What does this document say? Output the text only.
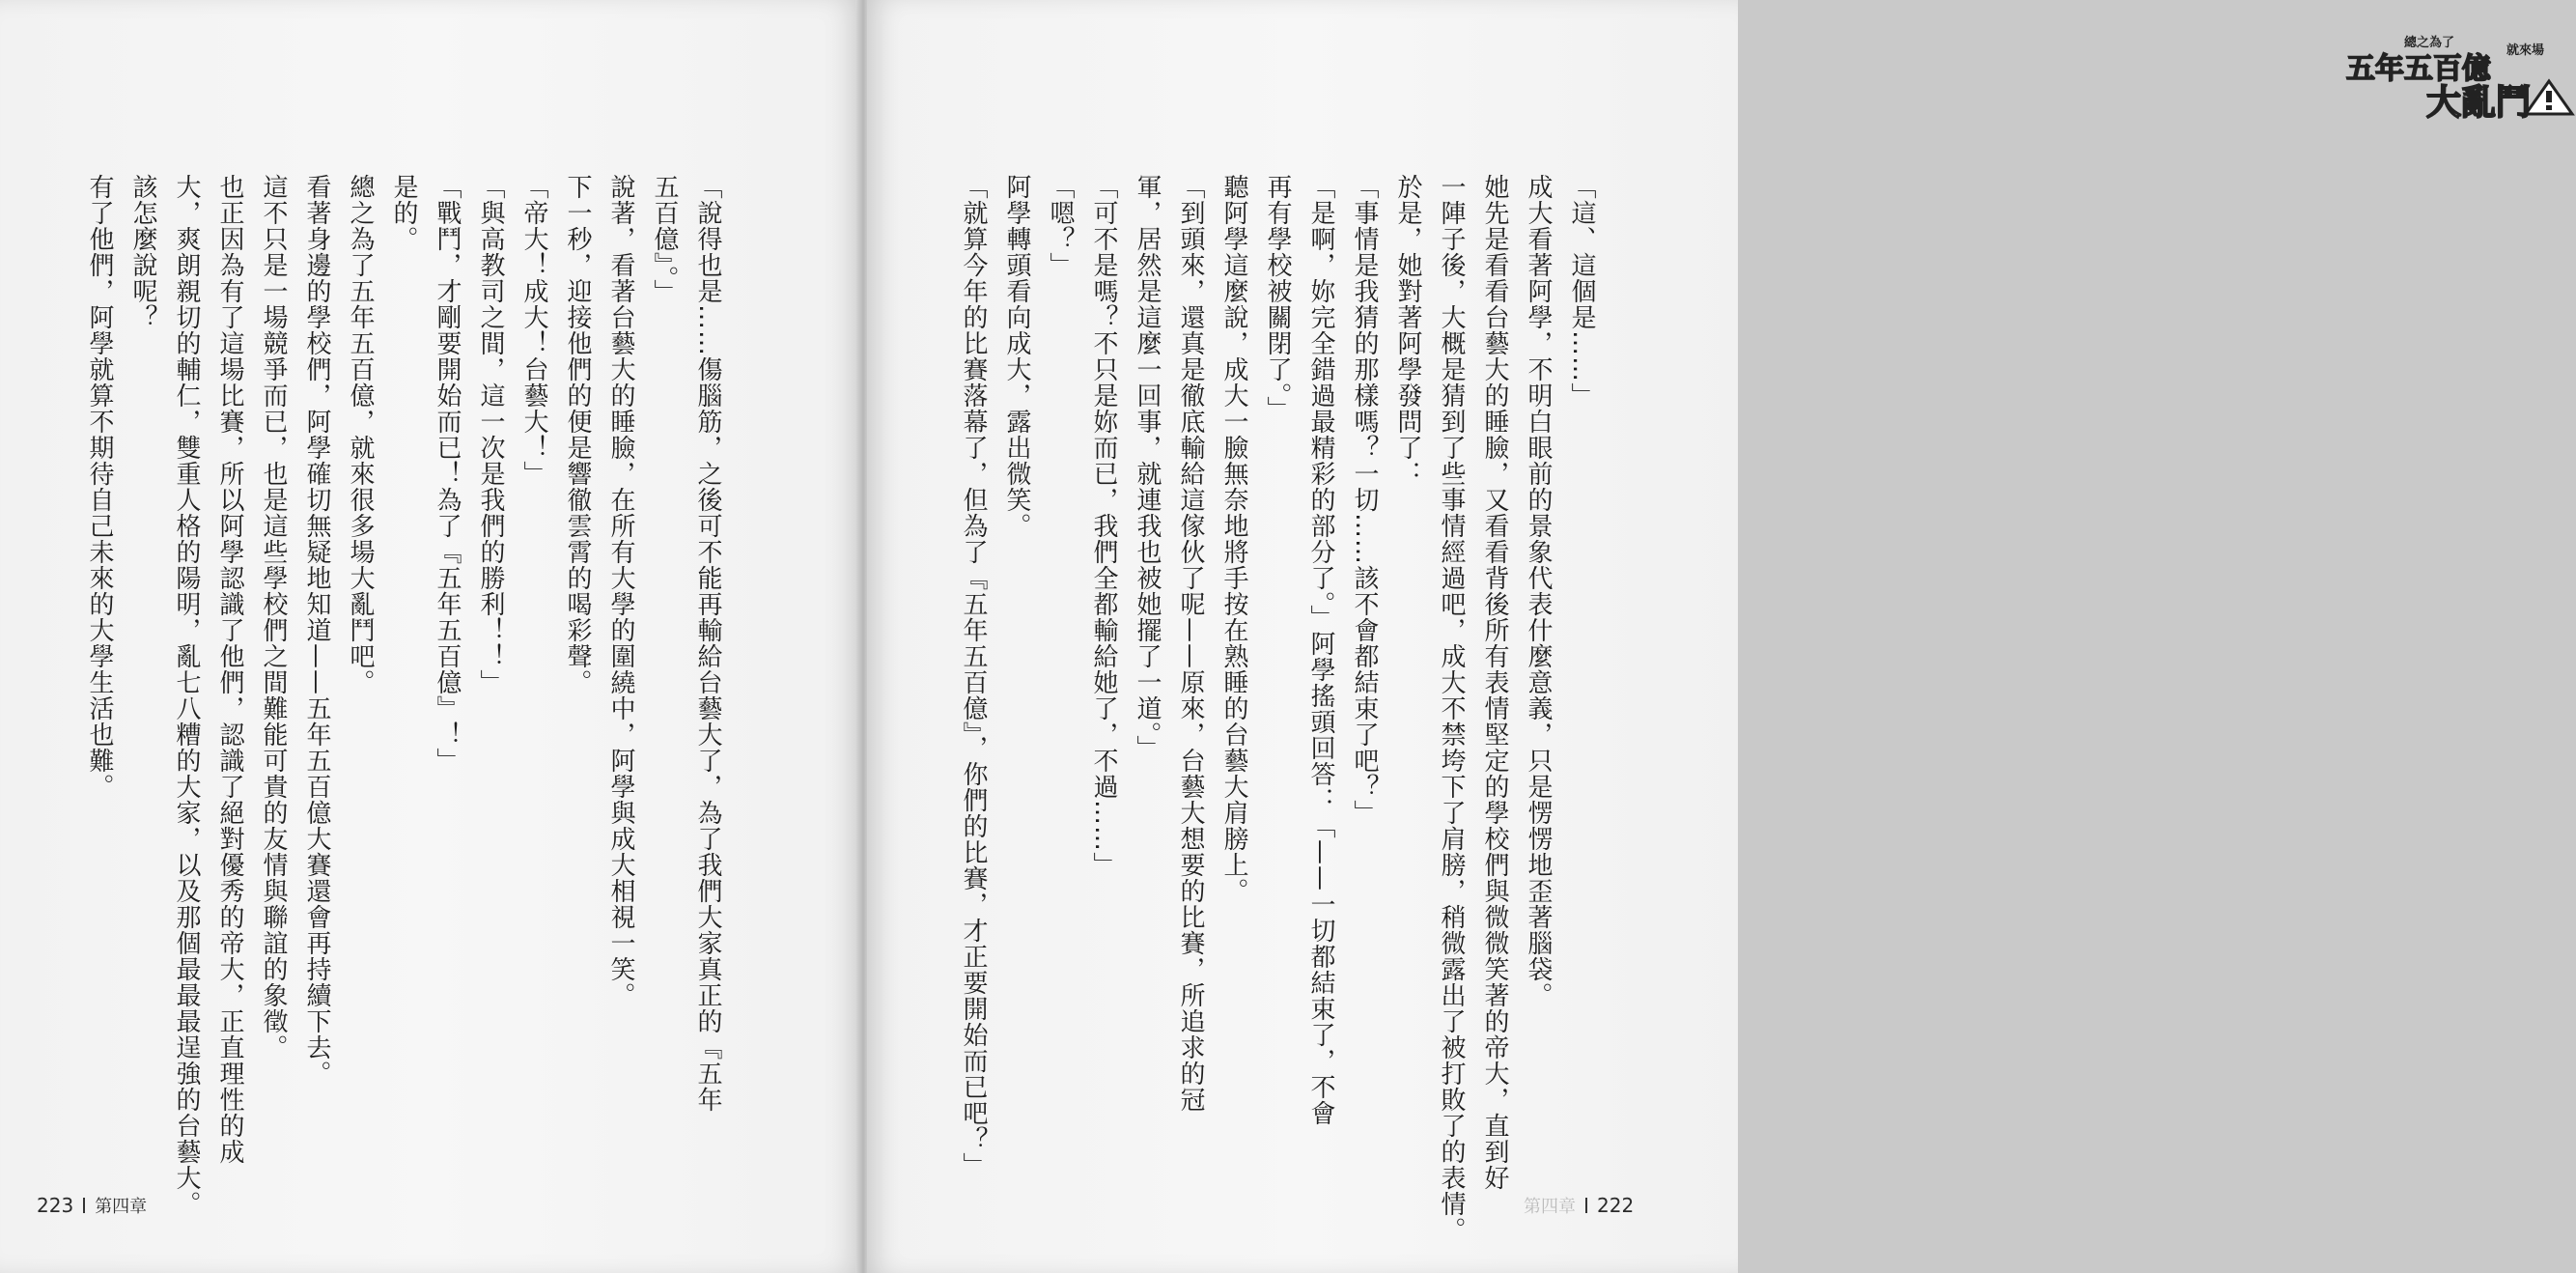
「說得也是……傷腦筋，之後可不能再輸給台藝大了，為了我們大家真正的『五年
五百億』。」
說著，看著台藝大的睡臉，在所有大學的圍繞中，阿學與成大相視一笑。
下一秒，迎接他們的便是響徹雲霄的喝彩聲。
「帝大！成大！台藝大！」
「與高教司之間，這一次是我們的勝利！！」
「戰鬥，才剛要開始而已！為了『五年五百億』！」
是的。
總之為了五年五百億，就來很多場大亂鬥吧。
看著身邊的學校們，阿學確切無疑地知道——五年五百億大賽還會再持續下去。
這不只是一場競爭而已，也是這些學校們之間難能可貴的友情與聯誼的象徵。
也正因為有了這場比賽，所以阿學認識了他們，認識了絕對優秀的帝大，正直理性的成
大，爽朗親切的輔仁，雙重人格的陽明，亂七八糟的大家，以及那個最最最逞強的台藝大。
該怎麼說呢？
有了他們，阿學就算不期待自己未來的大學生活也難。
223 第四章
總之為了
五年五百億
就來場
大亂鬥
「這、這個是……」
成大看著阿學，不明白眼前的景象代表什麼意義，只是愣愣地歪著腦袋。
她先是看看台藝大的睡臉，又看看背後所有表情堅定的學校們與微微笑著的帝大，直到好
一陣子後，大概是猜到了些事情經過吧，成大不禁垮下了肩膀，稍微露出了被打敗了的表情。
於是，她對著阿學發問了：
「事情是我猜的那樣嗎？一切……該不會都結束了吧？」
「是啊，妳完全錯過最精彩的部分了。」阿學搖頭回答：「——一切都結束了，不會
再有學校被關閉了。」
聽阿學這麼說，成大一臉無奈地將手按在熟睡的台藝大肩膀上。
「到頭來，還真是徹底輸給這傢伙了呢——原來，台藝大想要的比賽，所追求的冠
軍，居然是這麼一回事，就連我也被她擺了一道。」
「可不是嗎？不只是妳而已，我們全都輸給她了，不過……」
「嗯？」
阿學轉頭看向成大，露出微笑。
「就算今年的比賽落幕了，但為了『五年五百億』，你們的比賽，才正要開始而已吧？」
第四章 222
